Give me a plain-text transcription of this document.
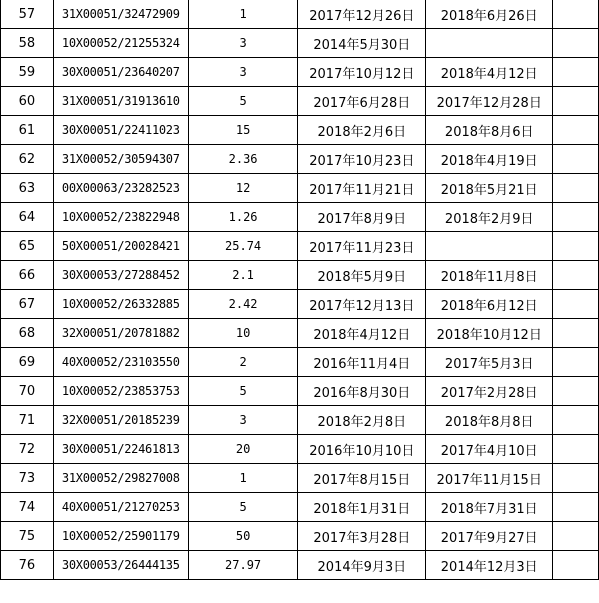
57	31X00051/32472909	1	2017年12月26日	2018年6月26日	
58	10X00052/21255324	3	2014年5月30日		
59	30X00051/23640207	3	2017年10月12日	2018年4月12日	
60	31X00051/31913610	5	2017年6月28日	2017年12月28日	
61	30X00051/22411023	15	2018年2月6日	2018年8月6日	
62	31X00052/30594307	2.36	2017年10月23日	2018年4月19日	
63	00X00063/23282523	12	2017年11月21日	2018年5月21日	
64	10X00052/23822948	1.26	2017年8月9日	2018年2月9日	
65	50X00051/20028421	25.74	2017年11月23日		
66	30X00053/27288452	2.1	2018年5月9日	2018年11月8日	
67	10X00052/26332885	2.42	2017年12月13日	2018年6月12日	
68	32X00051/20781882	10	2018年4月12日	2018年10月12日	
69	40X00052/23103550	2	2016年11月4日	2017年5月3日	
70	10X00052/23853753	5	2016年8月30日	2017年2月28日	
71	32X00051/20185239	3	2018年2月8日	2018年8月8日	
72	30X00051/22461813	20	2016年10月10日	2017年4月10日	
73	31X00052/29827008	1	2017年8月15日	2017年11月15日	
74	40X00051/21270253	5	2018年1月31日	2018年7月31日	
75	10X00052/25901179	50	2017年3月28日	2017年9月27日	
76	30X00053/26444135	27.97	2014年9月3日	2014年12月3日	
